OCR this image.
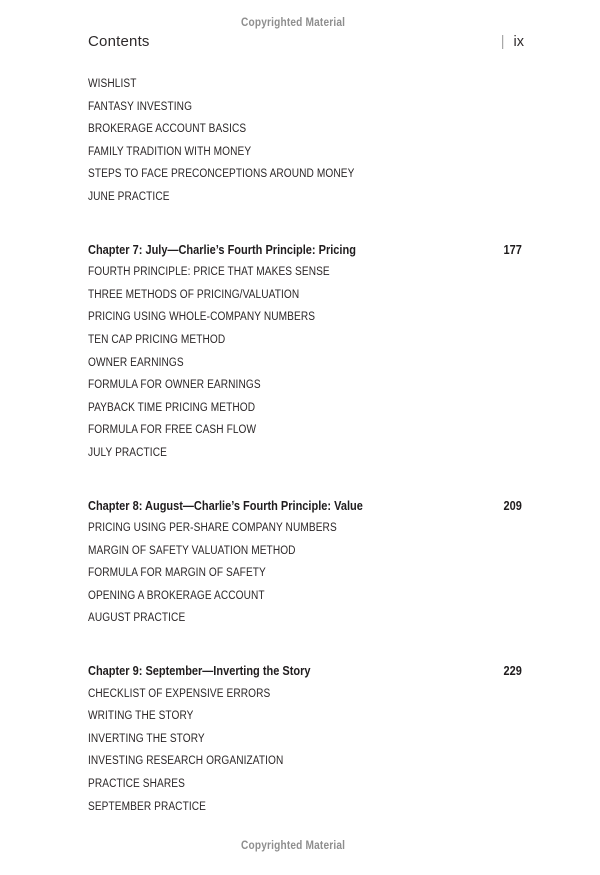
Copyrighted Material
Contents	| ix
WISHLIST
FANTASY INVESTING
BROKERAGE ACCOUNT BASICS
FAMILY TRADITION WITH MONEY
STEPS TO FACE PRECONCEPTIONS AROUND MONEY
JUNE PRACTICE
Chapter 7: July—Charlie’s Fourth Principle: Pricing	177
FOURTH PRINCIPLE: PRICE THAT MAKES SENSE
THREE METHODS OF PRICING/VALUATION
PRICING USING WHOLE-COMPANY NUMBERS
TEN CAP PRICING METHOD
OWNER EARNINGS
FORMULA FOR OWNER EARNINGS
PAYBACK TIME PRICING METHOD
FORMULA FOR FREE CASH FLOW
JULY PRACTICE
Chapter 8: August—Charlie’s Fourth Principle: Value	209
PRICING USING PER-SHARE COMPANY NUMBERS
MARGIN OF SAFETY VALUATION METHOD
FORMULA FOR MARGIN OF SAFETY
OPENING A BROKERAGE ACCOUNT
AUGUST PRACTICE
Chapter 9: September—Inverting the Story	229
CHECKLIST OF EXPENSIVE ERRORS
WRITING THE STORY
INVERTING THE STORY
INVESTING RESEARCH ORGANIZATION
PRACTICE SHARES
SEPTEMBER PRACTICE
Copyrighted Material
